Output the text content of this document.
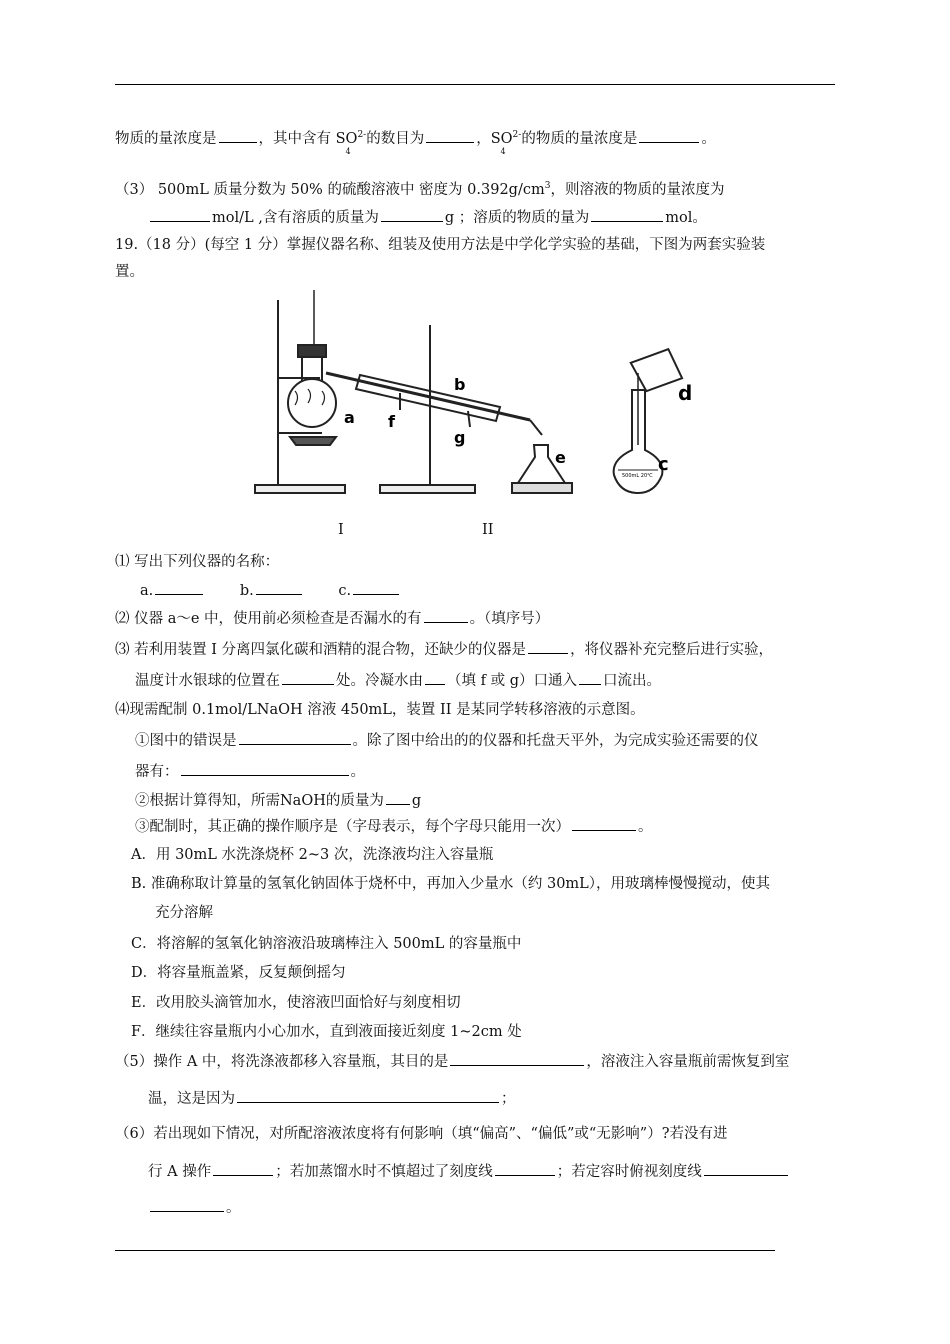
物质的量浓度是	，其中含有 $SO^{2-}$
4
的数目为	，$SO^{2-}$
4
的物质的量浓度是	。
（3） 500mL 质量分数为 50% 的硫酸溶液中 密度为 $0.392g/cm^3$，则溶液的物质的量浓度为
mol/L ,含有溶质的质量为	g ；溶质的物质的量为	mol。
19.（18 分）(每空 1 分）掌握仪器名称、组装及使用方法是中学化学实验的基础，下图为两套实验装
置。
a
b
c
d
e
f
g
500mL 20℃
I	II
⑴ 写出下列仪器的名称：
a.	b.	c.
⑵ 仪器 a～e 中，使用前必须检查是否漏水的有	。（填序号）
⑶ 若利用装置 I 分离四氯化碳和酒精的混合物，还缺少的仪器是	，将仪器补充完整后进行实验，
温度计水银球的位置在	处。冷凝水由 （填 f 或 g）口通入 口流出。
⑷现需配制 0.1mol/LNaOH 溶液 450mL，装置 II 是某同学转移溶液的示意图。
①图中的错误是	。除了图中给出的的仪器和托盘天平外，为完成实验还需要的仪
器有：	。
②根据计算得知，所需NaOH的质量为 g
③配制时，其正确的操作顺序是（字母表示，每个字母只能用一次）	。
A．用 30mL 水洗涤烧杯 2~3 次，洗涤液均注入容量瓶
B. 准确称取计算量的氢氧化钠固体于烧杯中，再加入少量水（约 30mL），用玻璃棒慢慢搅动，使其
充分溶解
C．将溶解的氢氧化钠溶液沿玻璃棒注入 500mL 的容量瓶中
D．将容量瓶盖紧，反复颠倒摇匀
E．改用胶头滴管加水，使溶液凹面恰好与刻度相切
F．继续往容量瓶内小心加水，直到液面接近刻度 1~2cm 处
（5）操作 A 中，将洗涤液都移入容量瓶，其目的是	，溶液注入容量瓶前需恢复到室
温，这是因为	；
（6）若出现如下情况，对所配溶液浓度将有何影响（填“偏高”、“偏低”或“无影响”）?若没有进
行 A 操作	；若加蒸馏水时不慎超过了刻度线	；若定容时俯视刻度线
。
